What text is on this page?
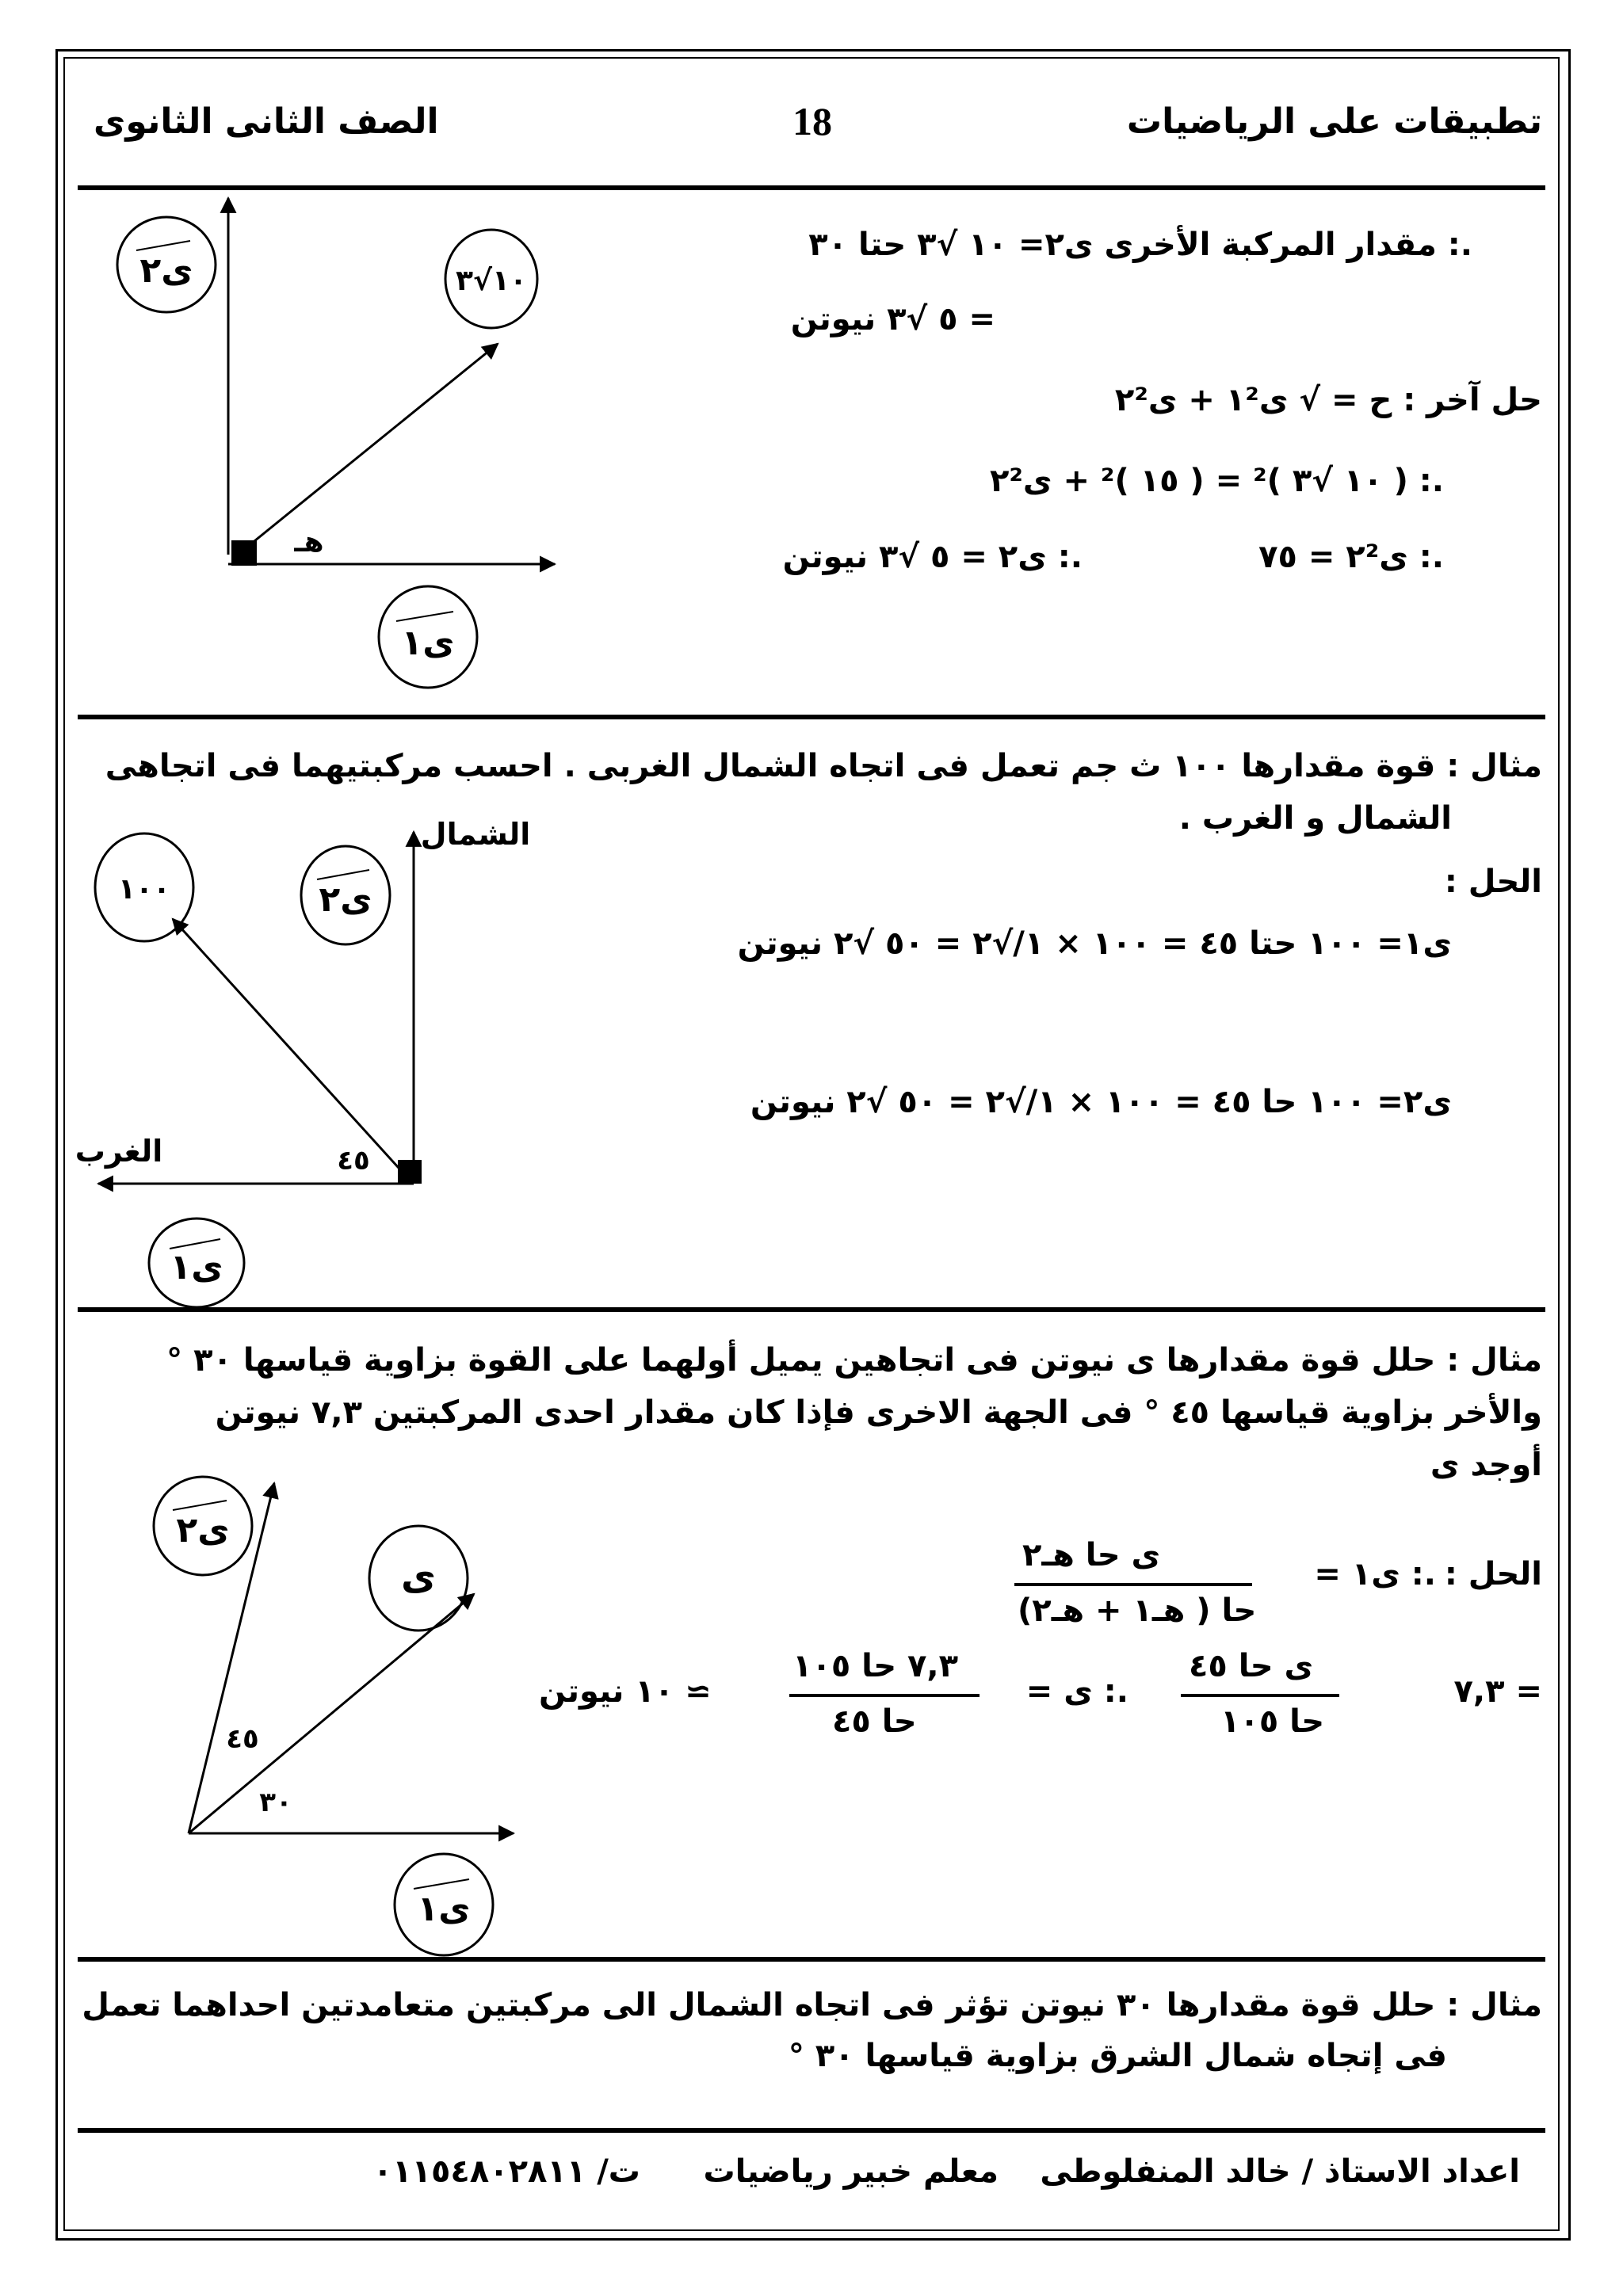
تطبيقات على الرياضيات
18
الصف الثانى الثانوى
.: مقدار المركبة الأخرى ى٢= ١٠ √٣ حتا ٣٠
= ٥ √٣ نيوتن
حل آخر : ح = √ ى١² + ى٢²
.: ( ١٠ √٣ )² = ( ١٥ )² + ى٢²
.: ى٢² = ٧٥
.: ى٢ = ٥ √٣ نيوتن
ى٢	١٠√٣
ى١
هـ
مثال : قوة مقدارها ١٠٠ ث جم تعمل فى اتجاه الشمال الغربى . احسب مركبتيهما فى اتجاهى
الشمال و الغرب .
الحل :
ى١= ١٠٠ حتا ٤٥ = ١٠٠ × ١/√٢ = ٥٠ √٢ نيوتن
ى٢= ١٠٠ حا ٤٥ = ١٠٠ × ١/√٢ = ٥٠ √٢ نيوتن
١٠٠	ى٢
ى١
الشمال
الغرب	٤٥
مثال : حلل قوة مقدارها ى نيوتن فى اتجاهين يميل أولهما على القوة بزاوية قياسها ٣٠ °
والأخر بزاوية قياسها ٤٥ ° فى الجهة الاخرى فإذا كان مقدار احدى المركبتين ٧,٣ نيوتن
أوجد ى
الحل :
.: ى١ =
ى حا هـ٢
حا ( هـ١ + هـ٢)
٧,٣ =
ى حا ٤٥
حا ١٠٥
.: ى =
٧,٣ حا ١٠٥
حا ٤٥
≃ ١٠ نيوتن
ى٢
ى
ى١
٤٥
٣٠
مثال : حلل قوة مقدارها ٣٠ نيوتن تؤثر فى اتجاه الشمال الى مركبتين متعامدتين احداهما تعمل
فى إتجاه شمال الشرق بزاوية قياسها ٣٠ °
اعداد الاستاذ / خالد المنفلوطى
معلم خبير رياضيات
ت/ ٠١١٥٤٨٠٢٨١١
